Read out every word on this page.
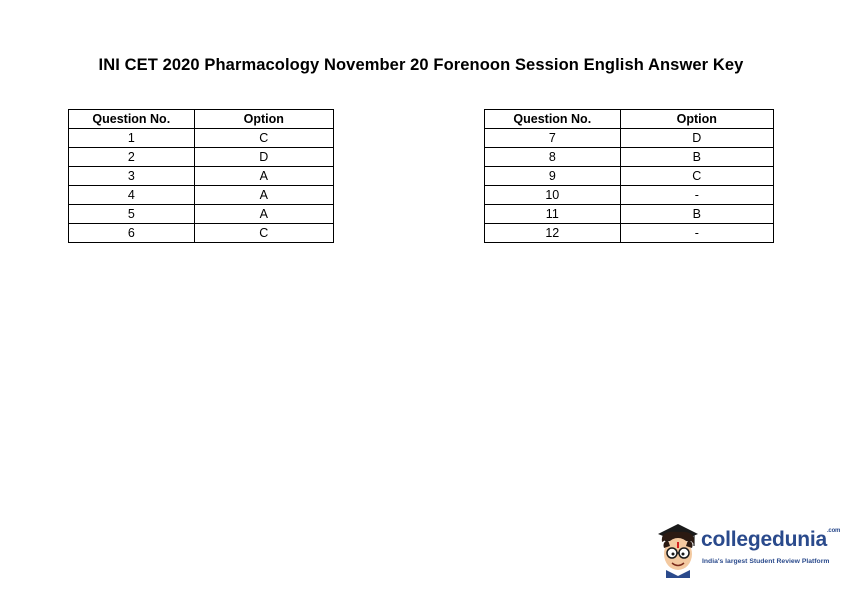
INI CET 2020 Pharmacology November 20 Forenoon Session English Answer Key
Question No.	Option
1	C
2	D
3	A
4	A
5	A
6	C
Question No.	Option
7	D
8	B
9	C
10	-
11	B
12	-
collegedunia$^{.com}$
India's largest Student Review Platform
